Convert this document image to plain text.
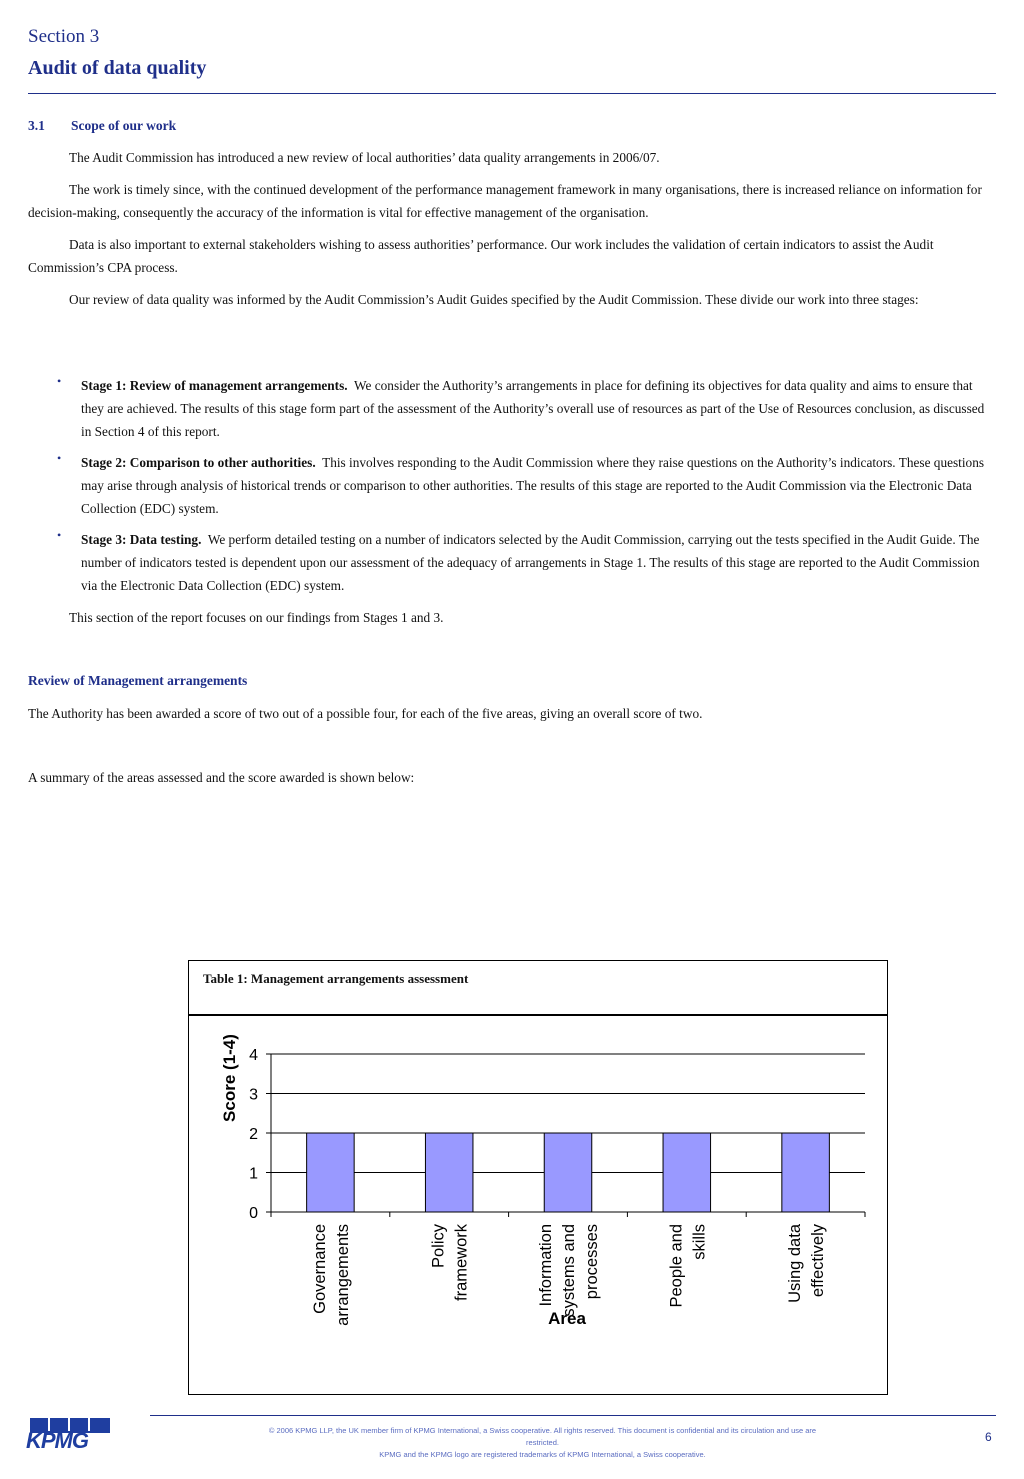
Section 3
Audit of data quality
3.1 Scope of our work
The Audit Commission has introduced a new review of local authorities’ data quality arrangements in 2006/07.
The work is timely since, with the continued development of the performance management framework in many organisations, there is increased reliance on information for decision-making, consequently the accuracy of the information is vital for effective management of the organisation.
Data is also important to external stakeholders wishing to assess authorities’ performance. Our work includes the validation of certain indicators to assist the Audit Commission’s CPA process.
Our review of data quality was informed by the Audit Commission’s Audit Guides specified by the Audit Commission. These divide our work into three stages:
• Stage 1: Review of management arrangements. We consider the Authority’s arrangements in place for defining its objectives for data quality and aims to ensure that they are achieved. The results of this stage form part of the assessment of the Authority’s overall use of resources as part of the Use of Resources conclusion, as discussed in Section 4 of this report.
• Stage 2: Comparison to other authorities. This involves responding to the Audit Commission where they raise questions on the Authority’s indicators. These questions may arise through analysis of historical trends or comparison to other authorities. The results of this stage are reported to the Audit Commission via the Electronic Data Collection (EDC) system.
• Stage 3: Data testing. We perform detailed testing on a number of indicators selected by the Audit Commission, carrying out the tests specified in the Audit Guide. The number of indicators tested is dependent upon our assessment of the adequacy of arrangements in Stage 1. The results of this stage are reported to the Audit Commission via the Electronic Data Collection (EDC) system.
This section of the report focuses on our findings from Stages 1 and 3.
Review of Management arrangements
The Authority has been awarded a score of two out of a possible four, for each of the five areas, giving an overall score of two.
A summary of the areas assessed and the score awarded is shown below:
Table 1: Management arrangements assessment
0
1
2
3
4
Governance arrangements	Policy framework	Information systems and processes	People and skills	Using data effectively
Score (1-4)
Area
KPMG	© 2006 KPMG LLP, the UK member firm of KPMG International, a Swiss cooperative. All rights reserved. This document is confidential and its circulation and use are restricted.
KPMG and the KPMG logo are registered trademarks of KPMG International, a Swiss cooperative.
6
